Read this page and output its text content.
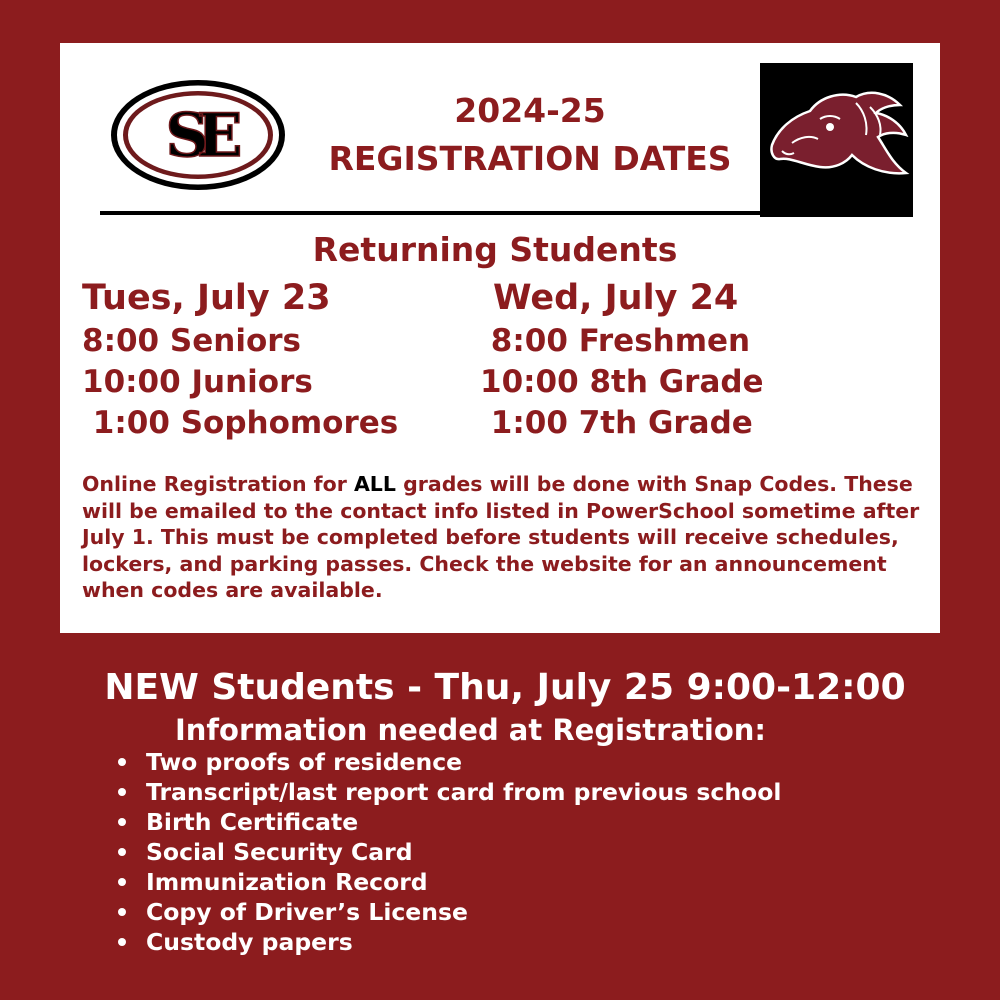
SE	2024-25
REGISTRATION DATES
Returning Students
Tues, July 23
8:00 Seniors
10:00 Juniors
1:00 Sophomores
Wed, July 24
8:00 Freshmen
10:00 8th Grade
1:00 7th Grade
Online Registration for ALL grades will be done with Snap Codes. These will be emailed to the contact info listed in PowerSchool sometime after July 1. This must be completed before students will receive schedules, lockers, and parking passes. Check the website for an announcement when codes are available.
NEW Students - Thu, July 25 9:00-12:00
Information needed at Registration:
Two proofs of residence
Transcript/last report card from previous school
Birth Certificate
Social Security Card
Immunization Record
Copy of Driver’s License
Custody papers
